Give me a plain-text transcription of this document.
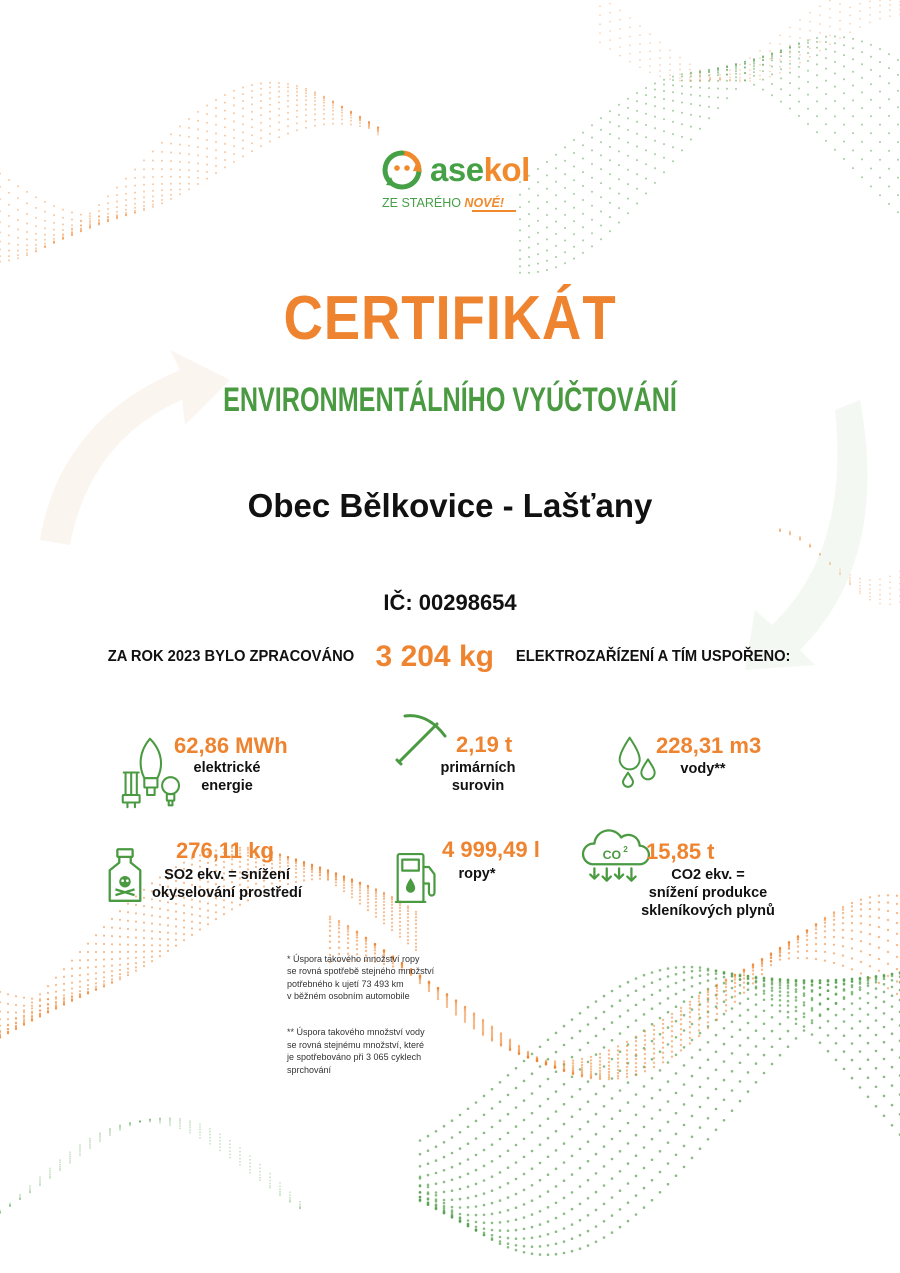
asekol
ZE STARÉHO NOVÉ!
CERTIFIKÁT
ENVIRONMENTÁLNÍHO VYÚČTOVÁNÍ
Obec Bělkovice - Lašťany
IČ: 00298654
ZA ROK 2023 BYLO ZPRACOVÁNO 3 204 kg ELEKTROZAŘÍZENÍ A TÍM USPOŘENO:
62,86 MWh
elektrické
energie
2,19 t
primárních
surovin
228,31 m3
vody**
276,11 kg
SO2 ekv. = snížení
okyselování prostředí
4 999,49 l
ropy*
CO 2 15,85 t
CO2 ekv. =
snížení produkce
skleníkových plynů

* Úspora takového množství ropy
se rovná spotřebě stejného množství
potřebného k ujetí 73 493 km
v běžném osobním automobile

** Úspora takového množství vody
se rovná stejnému množství, které
je spotřebováno při 3 065 cyklech
sprchování
